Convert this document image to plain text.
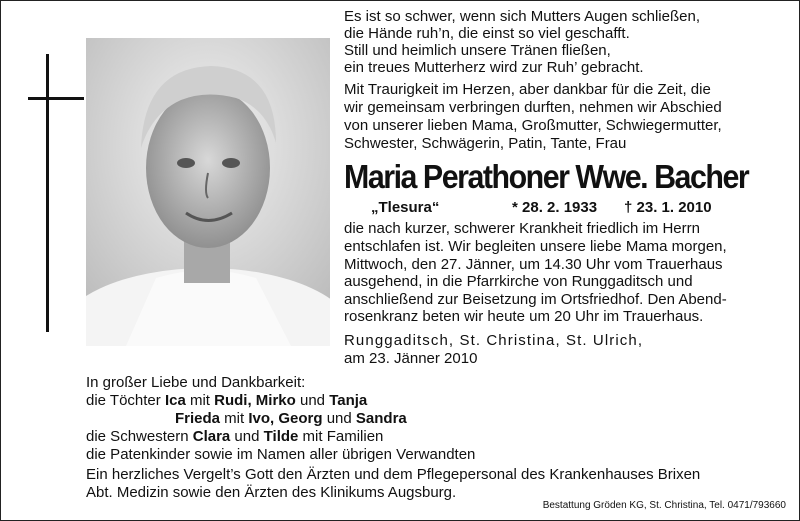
Es ist so schwer, wenn sich Mutters Augen schließen,
die Hände ruh’n, die einst so viel geschafft.
Still und heimlich unsere Tränen fließen,
ein treues Mutterherz wird zur Ruh’ gebracht.
Mit Traurigkeit im Herzen, aber dankbar für die Zeit, die
wir gemeinsam verbringen durften, nehmen wir Abschied
von unserer lieben Mama, Großmutter, Schwiegermutter,
Schwester, Schwägerin, Patin, Tante, Frau
Maria Perathoner Wwe. Bacher
„Tlesura“	* 28. 2. 1933 † 23. 1. 2010
die nach kurzer, schwerer Krankheit friedlich im Herrn
entschlafen ist. Wir begleiten unsere liebe Mama morgen,
Mittwoch, den 27. Jänner, um 14.30 Uhr vom Trauerhaus
ausgehend, in die Pfarrkirche von Runggaditsch und
anschließend zur Beisetzung im Ortsfriedhof. Den Abend-
rosenkranz beten wir heute um 20 Uhr im Trauerhaus.
Runggaditsch, St. Christina, St. Ulrich,
am 23. Jänner 2010
In großer Liebe und Dankbarkeit:
die Töchter Ica mit Rudi, Mirko und Tanja
Frieda mit Ivo, Georg und Sandra
die Schwestern Clara und Tilde mit Familien
die Patenkinder sowie im Namen aller übrigen Verwandten
Ein herzliches Vergelt’s Gott den Ärzten und dem Pflegepersonal des Krankenhauses Brixen
Abt. Medizin sowie den Ärzten des Klinikums Augsburg.
Bestattung Gröden KG, St. Christina, Tel. 0471/793660
